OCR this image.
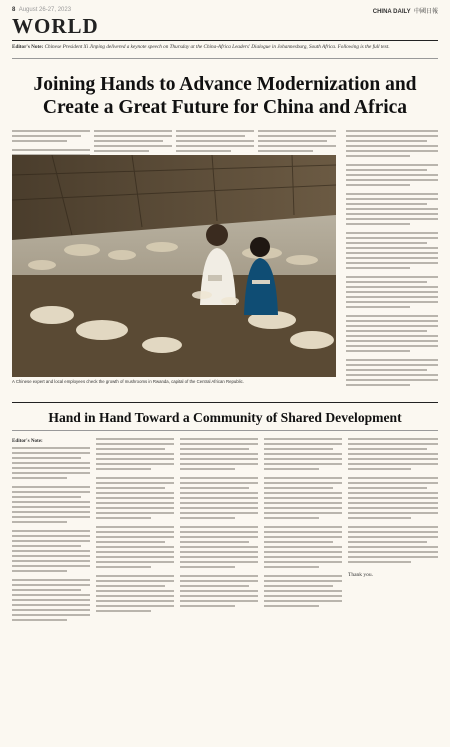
8 August 26-27, 2023	CHINA DAILY 中國日報
WORLD
Editor's Note: Chinese President Xi Jinping delivered a keynote speech on Thursday at the China-Africa Leaders' Dialogue in Johannesburg, South Africa. Following is the full text.
Joining Hands to Advance Modernization and Create a Great Future for China and Africa
A Chinese expert and local employees check the growth of mushrooms in Rwanda, capital of the Central African Republic.
Hand in Hand Toward a Community of Shared Development
Editor's Note:
Thank you.
